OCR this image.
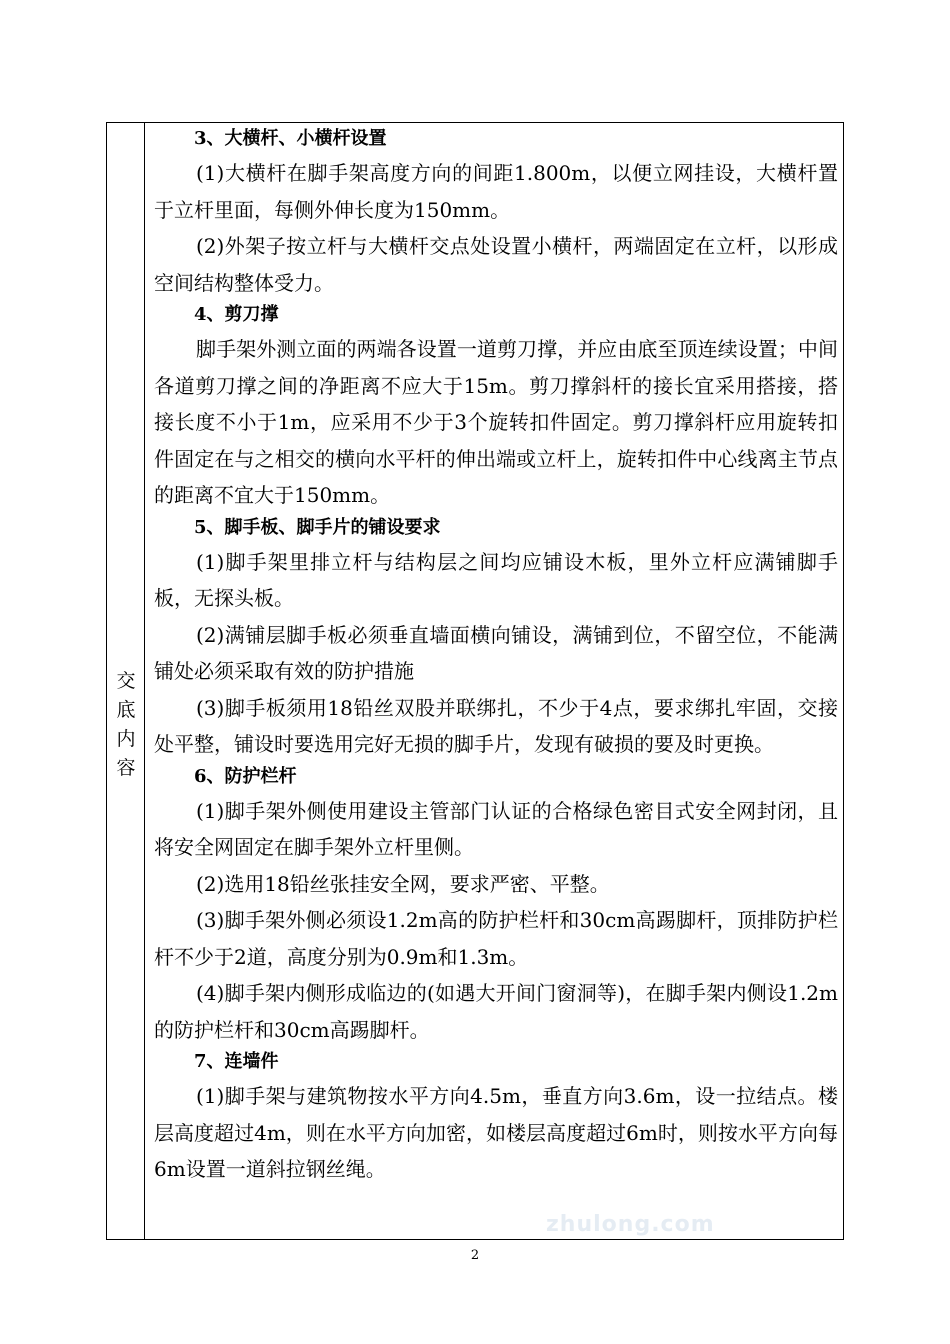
交
底
内
容

3、大横杆、小横杆设置

(1)大横杆在脚手架高度方向的间距1.800m，以便立网挂设，大横杆置于立杆里面，每侧外伸长度为150mm。

(2)外架子按立杆与大横杆交点处设置小横杆，两端固定在立杆，以形成空间结构整体受力。

4、剪刀撑

脚手架外测立面的两端各设置一道剪刀撑，并应由底至顶连续设置；中间各道剪刀撑之间的净距离不应大于15m。剪刀撑斜杆的接长宜采用搭接，搭接长度不小于1m，应采用不少于3个旋转扣件固定。剪刀撑斜杆应用旋转扣件固定在与之相交的横向水平杆的伸出端或立杆上，旋转扣件中心线离主节点的距离不宜大于150mm。

5、脚手板、脚手片的铺设要求

(1)脚手架里排立杆与结构层之间均应铺设木板，里外立杆应满铺脚手板，无探头板。

(2)满铺层脚手板必须垂直墙面横向铺设，满铺到位，不留空位，不能满铺处必须采取有效的防护措施

(3)脚手板须用18铅丝双股并联绑扎，不少于4点，要求绑扎牢固，交接处平整，铺设时要选用完好无损的脚手片，发现有破损的要及时更换。

6、防护栏杆

(1)脚手架外侧使用建设主管部门认证的合格绿色密目式安全网封闭，且将安全网固定在脚手架外立杆里侧。

(2)选用18铅丝张挂安全网，要求严密、平整。

(3)脚手架外侧必须设1.2m高的防护栏杆和30cm高踢脚杆，顶排防护栏杆不少于2道，高度分别为0.9m和1.3m。

(4)脚手架内侧形成临边的(如遇大开间门窗洞等)，在脚手架内侧设1.2m的防护栏杆和30cm高踢脚杆。

7、连墙件

(1)脚手架与建筑物按水平方向4.5m，垂直方向3.6m，设一拉结点。楼层高度超过4m，则在水平方向加密，如楼层高度超过6m时，则按水平方向每6m设置一道斜拉钢丝绳。

zhulong.com
2
